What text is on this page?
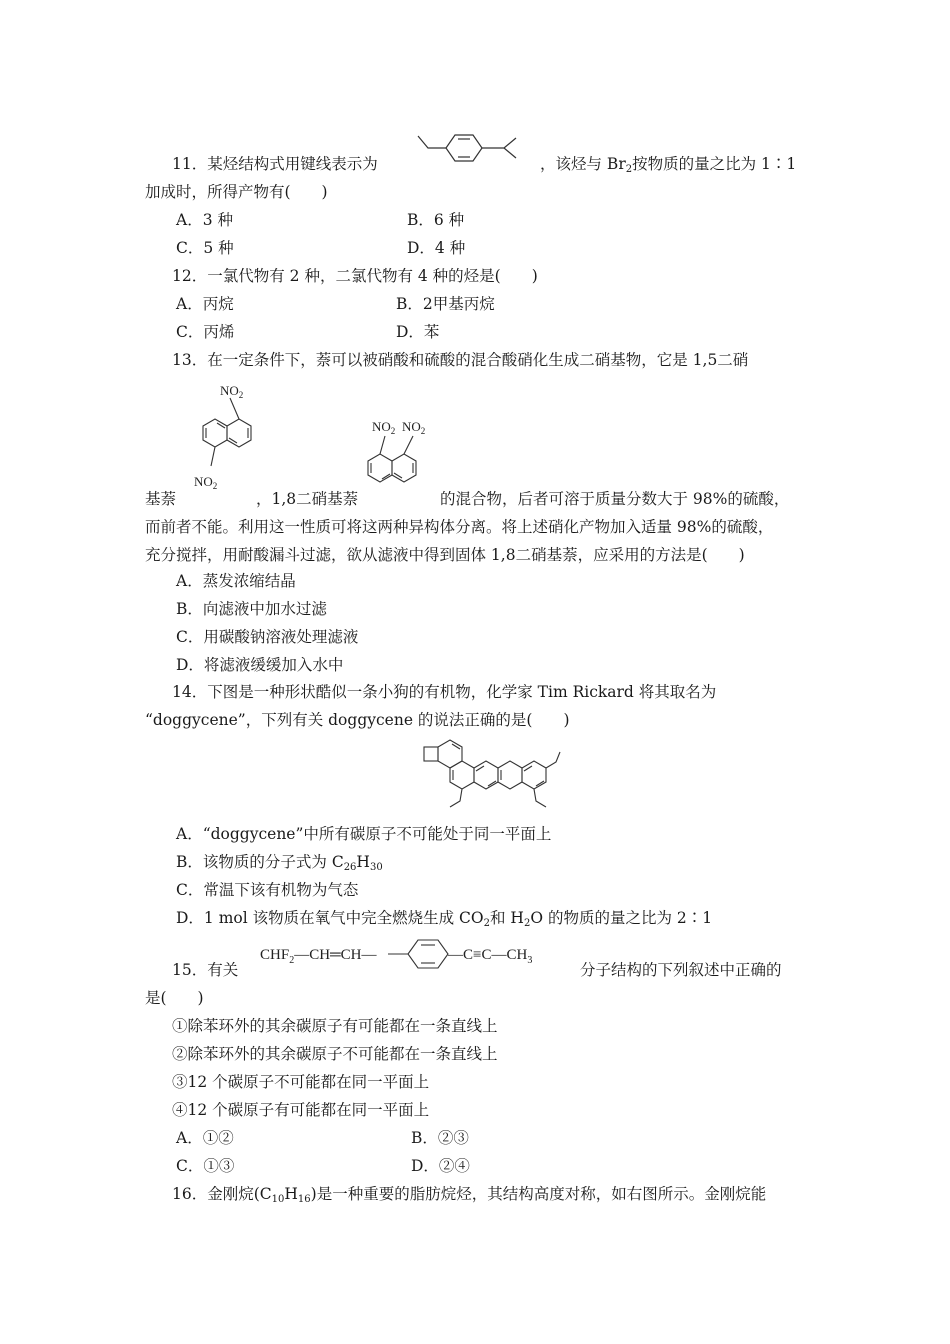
11．某烃结构式用键线表示为	，该烃与 $Br_2$按物质的量之比为 1∶1
加成时，所得产物有(　　)
A．3 种	B．6 种
C．5 种	D．4 种
12．一氯代物有 2 种，二氯代物有 4 种的烃是(　　)
A．丙烷	B．2甲基丙烷
C．丙烯	D．苯
13．在一定条件下，萘可以被硝酸和硫酸的混合酸硝化生成二硝基物，它是 1,5二硝
$NO_2$
$NO_2$
$NO_2$ $NO_2$
基萘	，1,8二硝基萘	的混合物，后者可溶于质量分数大于 98%的硫酸，
而前者不能。利用这一性质可将这两种异构体分离。将上述硝化产物加入适量 98%的硫酸，
充分搅拌，用耐酸漏斗过滤，欲从滤液中得到固体 1,8二硝基萘，应采用的方法是(　　)
A．蒸发浓缩结晶
B．向滤液中加水过滤
C．用碳酸钠溶液处理滤液
D．将滤液缓缓加入水中
14．下图是一种形状酷似一条小狗的有机物，化学家 Tim Rickard 将其取名为
“doggycene”，下列有关 doggycene 的说法正确的是(　　)
A．“doggycene”中所有碳原子不可能处于同一平面上
B．该物质的分子式为 $C_{26}H_{30}$
C．常温下该有机物为气态
D．1 mol 该物质在氧气中完全燃烧生成 $CO_2$和 $H_2O$ 的物质的量之比为 2∶1
15．有关
$CHF_2—CH═CH—$	$—C\equiv C—CH_3$
分子结构的下列叙述中正确的
是(　　)
①除苯环外的其余碳原子有可能都在一条直线上
②除苯环外的其余碳原子不可能都在一条直线上
③12 个碳原子不可能都在同一平面上
④12 个碳原子有可能都在同一平面上
A．①②	B．②③
C．①③	D．②④
16．金刚烷$(C_{10}H_{16})$是一种重要的脂肪烷烃，其结构高度对称，如右图所示。金刚烷能
